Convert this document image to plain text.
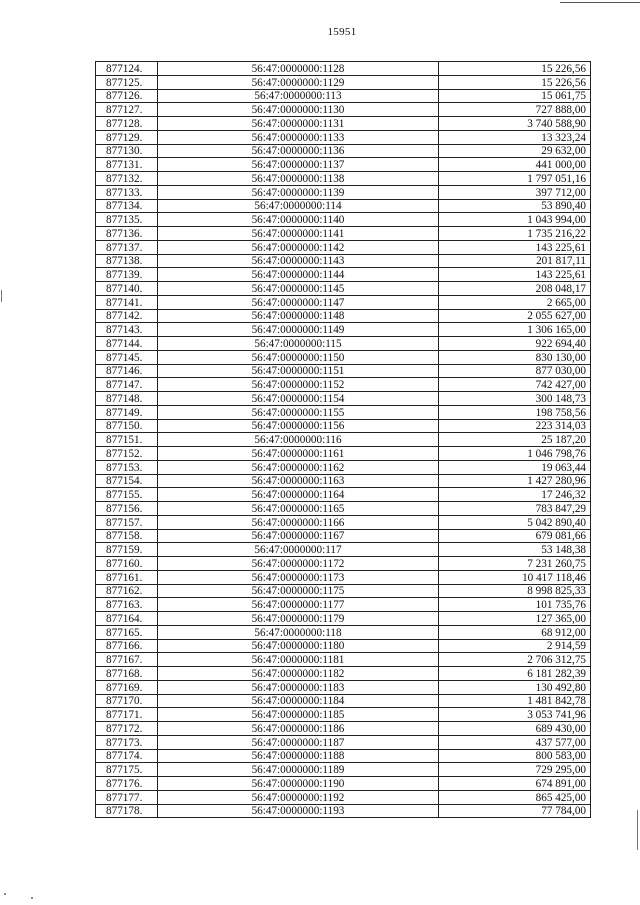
15951
877124.	56:47:0000000:1128	15 226,56
877125.	56:47:0000000:1129	15 226,56
877126.	56:47:0000000:113	15 061,75
877127.	56:47:0000000:1130	727 888,00
877128.	56:47:0000000:1131	3 740 588,90
877129.	56:47:0000000:1133	13 323,24
877130.	56:47:0000000:1136	29 632,00
877131.	56:47:0000000:1137	441 000,00
877132.	56:47:0000000:1138	1 797 051,16
877133.	56:47:0000000:1139	397 712,00
877134.	56:47:0000000:114	53 890,40
877135.	56:47:0000000:1140	1 043 994,00
877136.	56:47:0000000:1141	1 735 216,22
877137.	56:47:0000000:1142	143 225,61
877138.	56:47:0000000:1143	201 817,11
877139.	56:47:0000000:1144	143 225,61
877140.	56:47:0000000:1145	208 048,17
877141.	56:47:0000000:1147	2 665,00
877142.	56:47:0000000:1148	2 055 627,00
877143.	56:47:0000000:1149	1 306 165,00
877144.	56:47:0000000:115	922 694,40
877145.	56:47:0000000:1150	830 130,00
877146.	56:47:0000000:1151	877 030,00
877147.	56:47:0000000:1152	742 427,00
877148.	56:47:0000000:1154	300 148,73
877149.	56:47:0000000:1155	198 758,56
877150.	56:47:0000000:1156	223 314,03
877151.	56:47:0000000:116	25 187,20
877152.	56:47:0000000:1161	1 046 798,76
877153.	56:47:0000000:1162	19 063,44
877154.	56:47:0000000:1163	1 427 280,96
877155.	56:47:0000000:1164	17 246,32
877156.	56:47:0000000:1165	783 847,29
877157.	56:47:0000000:1166	5 042 890,40
877158.	56:47:0000000:1167	679 081,66
877159.	56:47:0000000:117	53 148,38
877160.	56:47:0000000:1172	7 231 260,75
877161.	56:47:0000000:1173	10 417 118,46
877162.	56:47:0000000:1175	8 998 825,33
877163.	56:47:0000000:1177	101 735,76
877164.	56:47:0000000:1179	127 365,00
877165.	56:47:0000000:118	68 912,00
877166.	56:47:0000000:1180	2 914,59
877167.	56:47:0000000:1181	2 706 312,75
877168.	56:47:0000000:1182	6 181 282,39
877169.	56:47:0000000:1183	130 492,80
877170.	56:47:0000000:1184	1 481 842,78
877171.	56:47:0000000:1185	3 053 741,96
877172.	56:47:0000000:1186	689 430,00
877173.	56:47:0000000:1187	437 577,00
877174.	56:47:0000000:1188	800 583,00
877175.	56:47:0000000:1189	729 295,00
877176.	56:47:0000000:1190	674 891,00
877177.	56:47:0000000:1192	865 425,00
877178.	56:47:0000000:1193	77 784,00
